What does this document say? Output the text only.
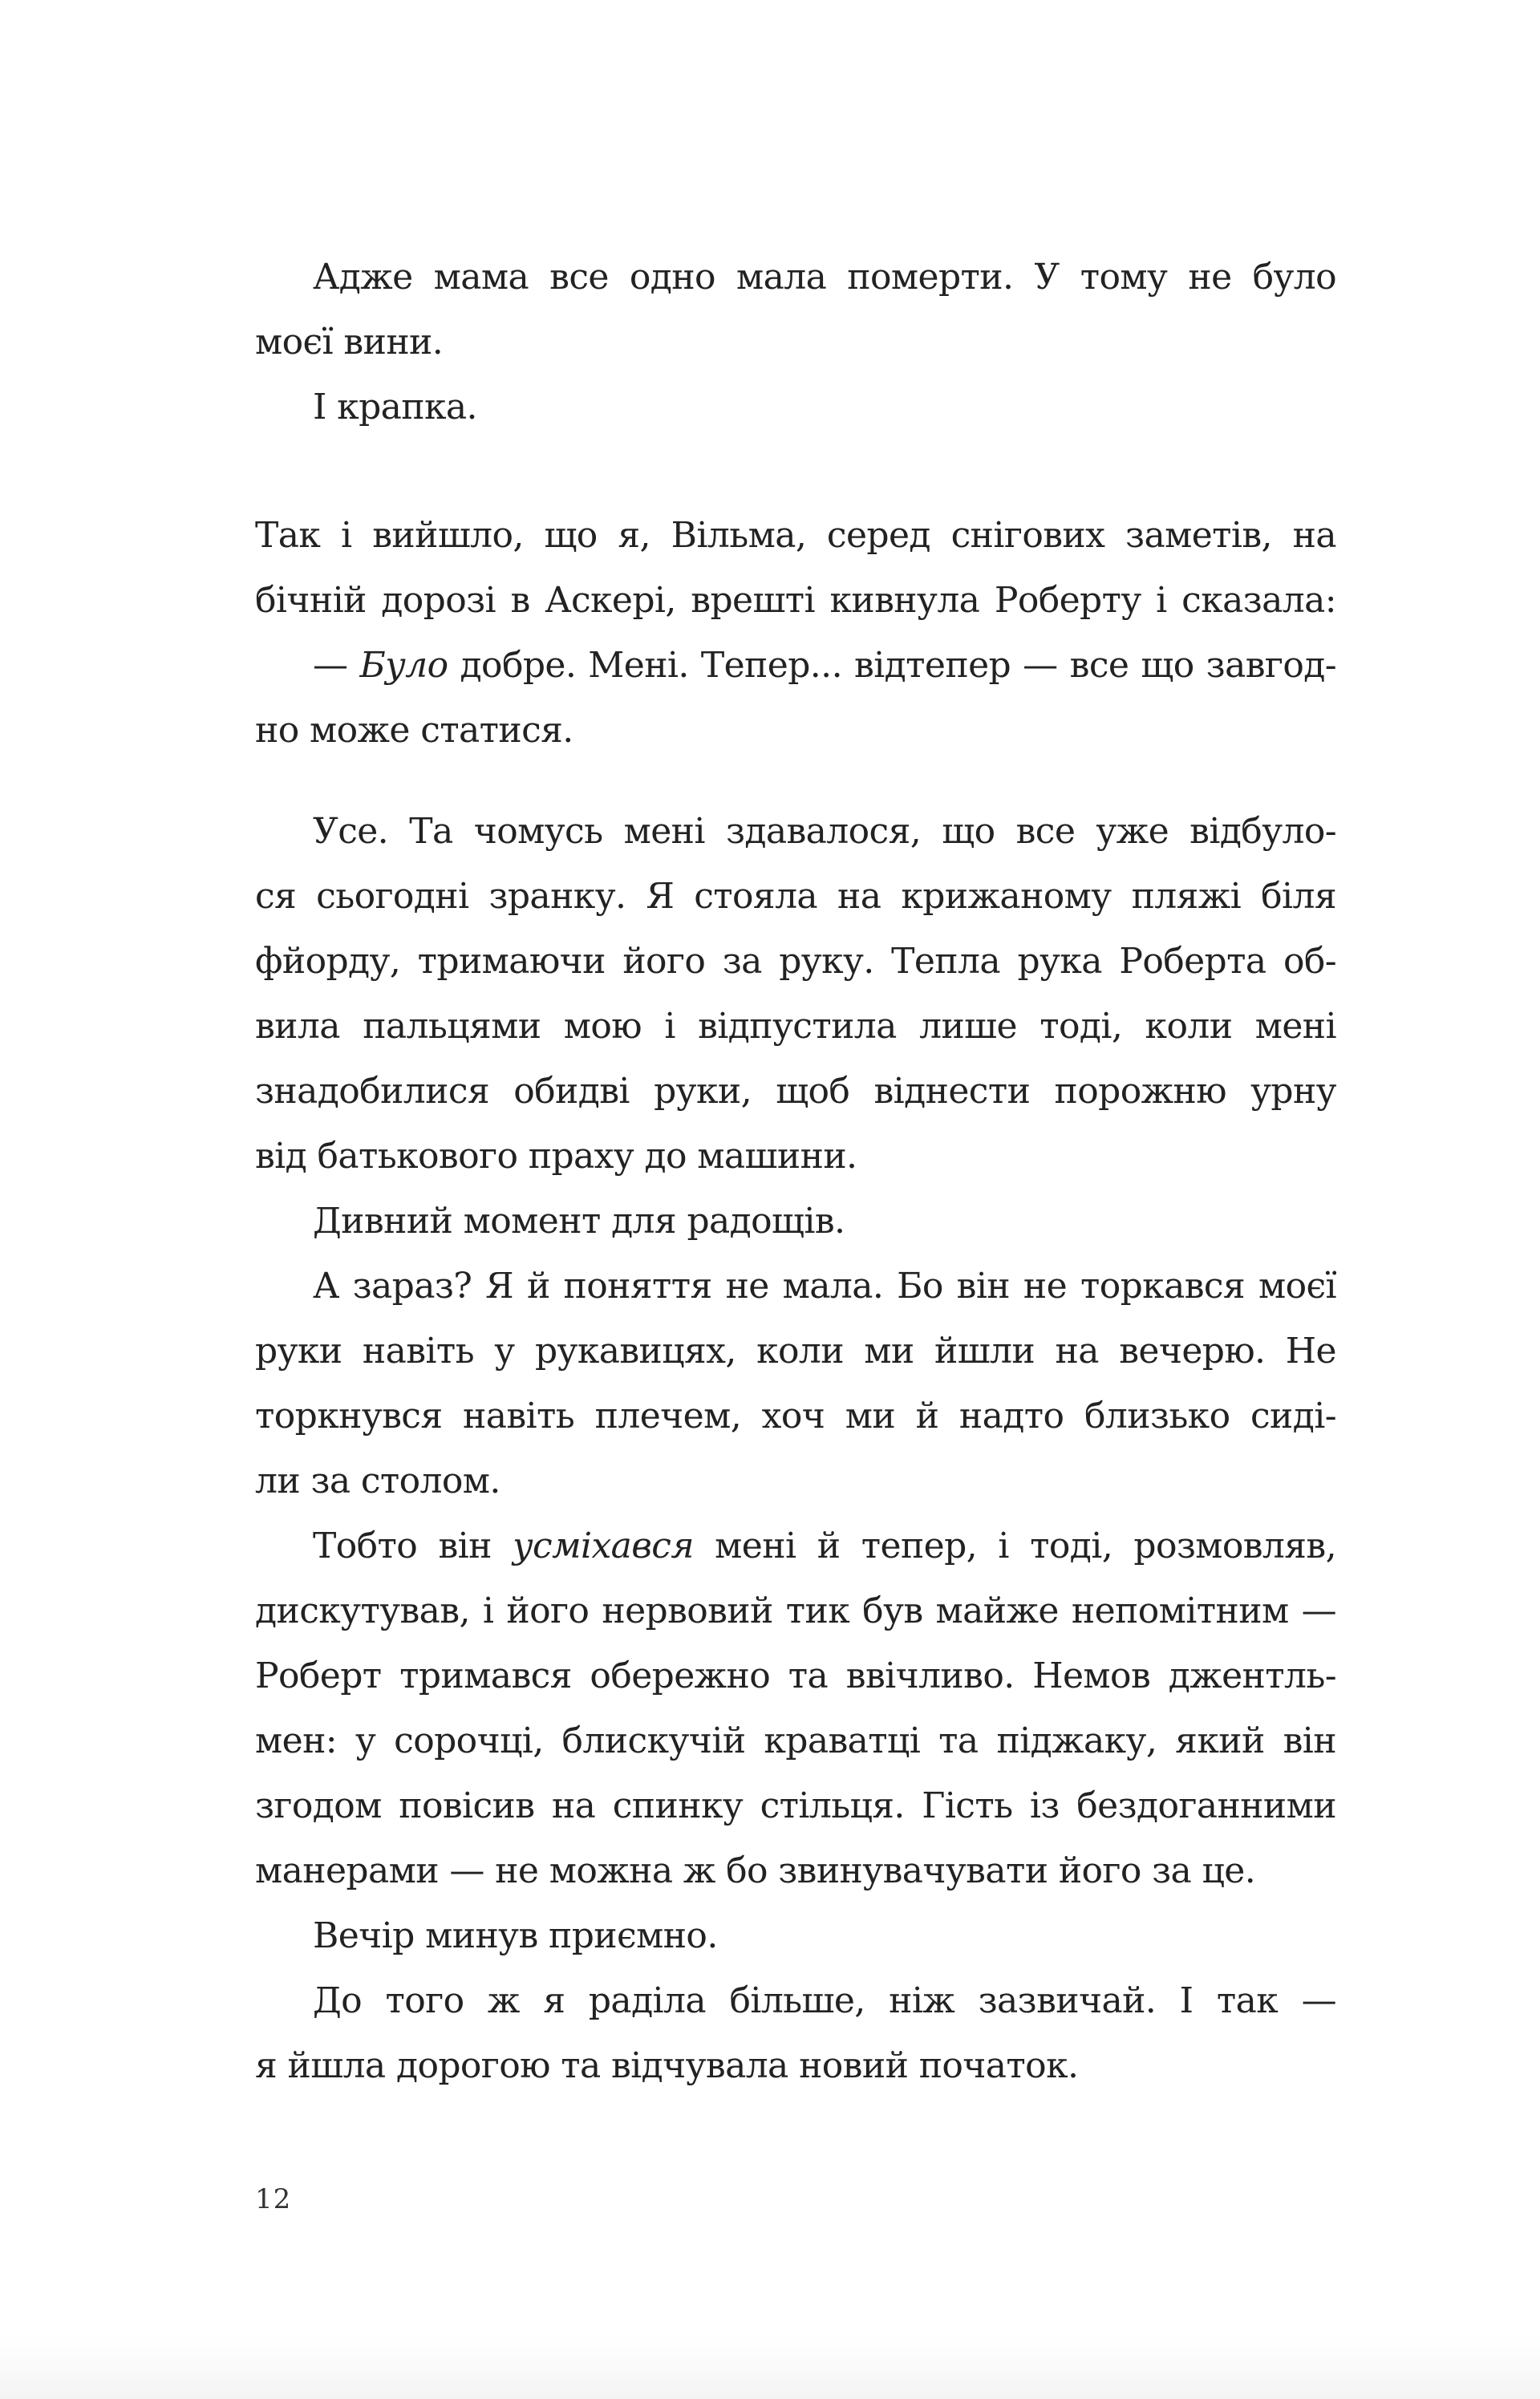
Адже мама все одно мала померти. У тому не було
моєї вини.
І крапка.
Так і вийшло, що я, Вільма, серед снігових заметів, на
бічній дорозі в Аскері, врешті кивнула Роберту і сказала:
— Було добре. Мені. Тепер... відтепер — все що завгод-
но може статися.
Усе. Та чомусь мені здавалося, що все уже відбуло-
ся сьогодні зранку. Я стояла на крижаному пляжі біля
фйорду, тримаючи його за руку. Тепла рука Роберта об-
вила пальцями мою і відпустила лише тоді, коли мені
знадобилися обидві руки, щоб віднести порожню урну
від батькового праху до машини.
Дивний момент для радощів.
А зараз? Я й поняття не мала. Бо він не торкався моєї
руки навіть у рукавицях, коли ми йшли на вечерю. Не
торкнувся навіть плечем, хоч ми й надто близько сиді-
ли за столом.
Тобто він усміхався мені й тепер, і тоді, розмовляв,
дискутував, і його нервовий тик був майже непомітним —
Роберт тримався обережно та ввічливо. Немов джентль-
мен: у сорочці, блискучій краватці та піджаку, який він
згодом повісив на спинку стільця. Гість із бездоганними
манерами — не можна ж бо звинувачувати його за це.
Вечір минув приємно.
До того ж я раділа більше, ніж зазвичай. І так —
я йшла дорогою та відчувала новий початок.
12
